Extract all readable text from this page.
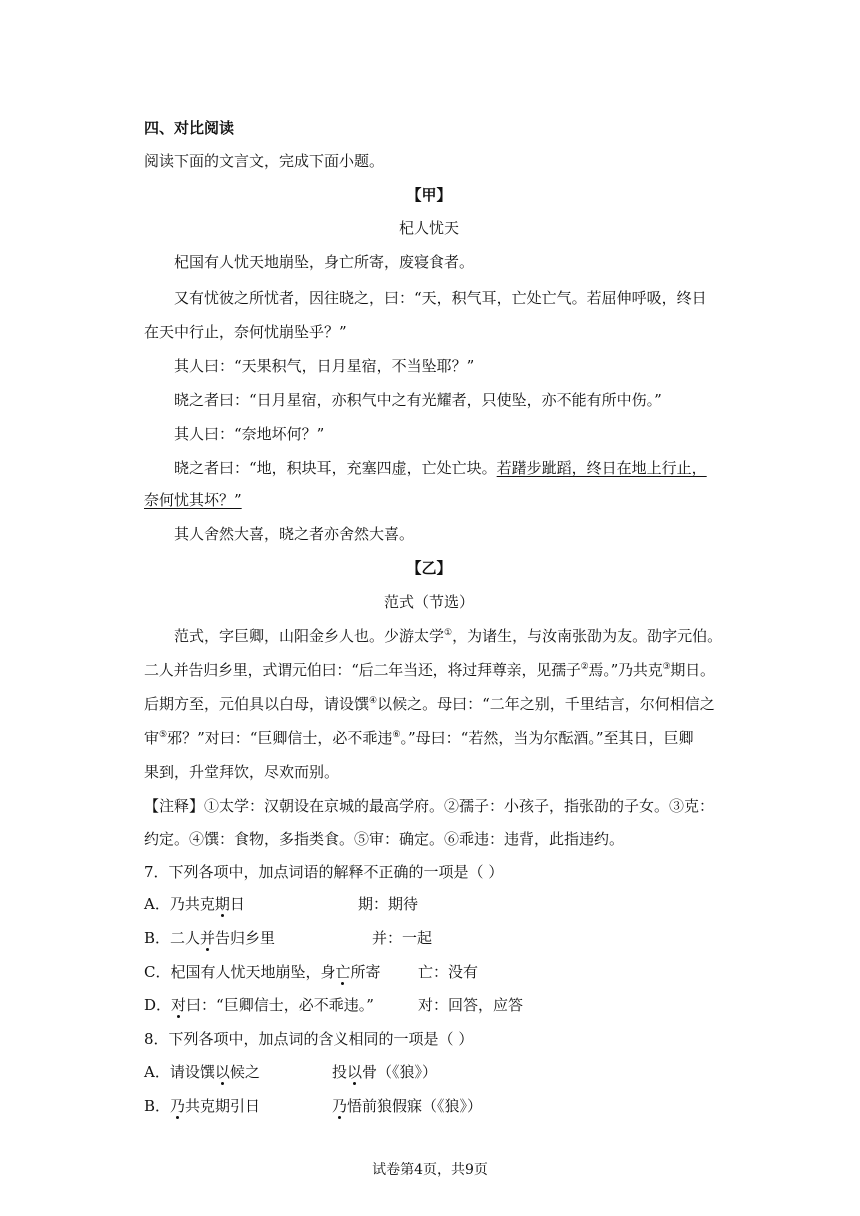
四、对比阅读
阅读下面的文言文，完成下面小题。
【甲】
杞人忧天
杞国有人忧天地崩坠，身亡所寄，废寝食者。
又有忧彼之所忧者，因往晓之，曰：“天，积气耳，亡处亡气。若屈伸呼吸，终日
在天中行止，奈何忧崩坠乎？”
其人曰：“天果积气，日月星宿，不当坠耶？”
晓之者曰：“日月星宿，亦积气中之有光耀者，只使坠，亦不能有所中伤。”
其人曰：“奈地坏何？”
晓之者曰：“地，积块耳，充塞四虚，亡处亡块。若躇步跐蹈，终日在地上行止，
奈何忧其坏？”
其人舍然大喜，晓之者亦舍然大喜。
【乙】
范式（节选）
范式，字巨卿，山阳金乡人也。少游太学①，为诸生，与汝南张劭为友。劭字元伯。
二人并告归乡里，式谓元伯曰：“后二年当还，将过拜尊亲，见孺子②焉。”乃共克③期日。
后期方至，元伯具以白母，请设馔④以候之。母曰：“二年之别，千里结言，尔何相信之
审⑤邪？”对曰：“巨卿信士，必不乖违⑥。”母曰：“若然，当为尔酝酒。”至其日，巨卿
果到，升堂拜饮，尽欢而别。
【注释】①太学：汉朝设在京城的最高学府。②孺子：小孩子，指张劭的子女。③克：
约定。④馔：食物，多指类食。⑤审：确定。⑥乖违：违背，此指违约。
7．下列各项中，加点词语的解释不正确的一项是（ ）
A．乃共克期日	期：期待
B．二人并告归乡里	并：一起
C．杞国有人忧天地崩坠，身亡所寄	亡：没有
D．对曰：“巨卿信士，必不乖违。”	对：回答，应答
8．下列各项中，加点词的含义相同的一项是（ ）
A．请设馔以候之	投以骨（《狼》）
B．乃共克期引日	乃悟前狼假寐（《狼》）
试卷第4页，共9页
